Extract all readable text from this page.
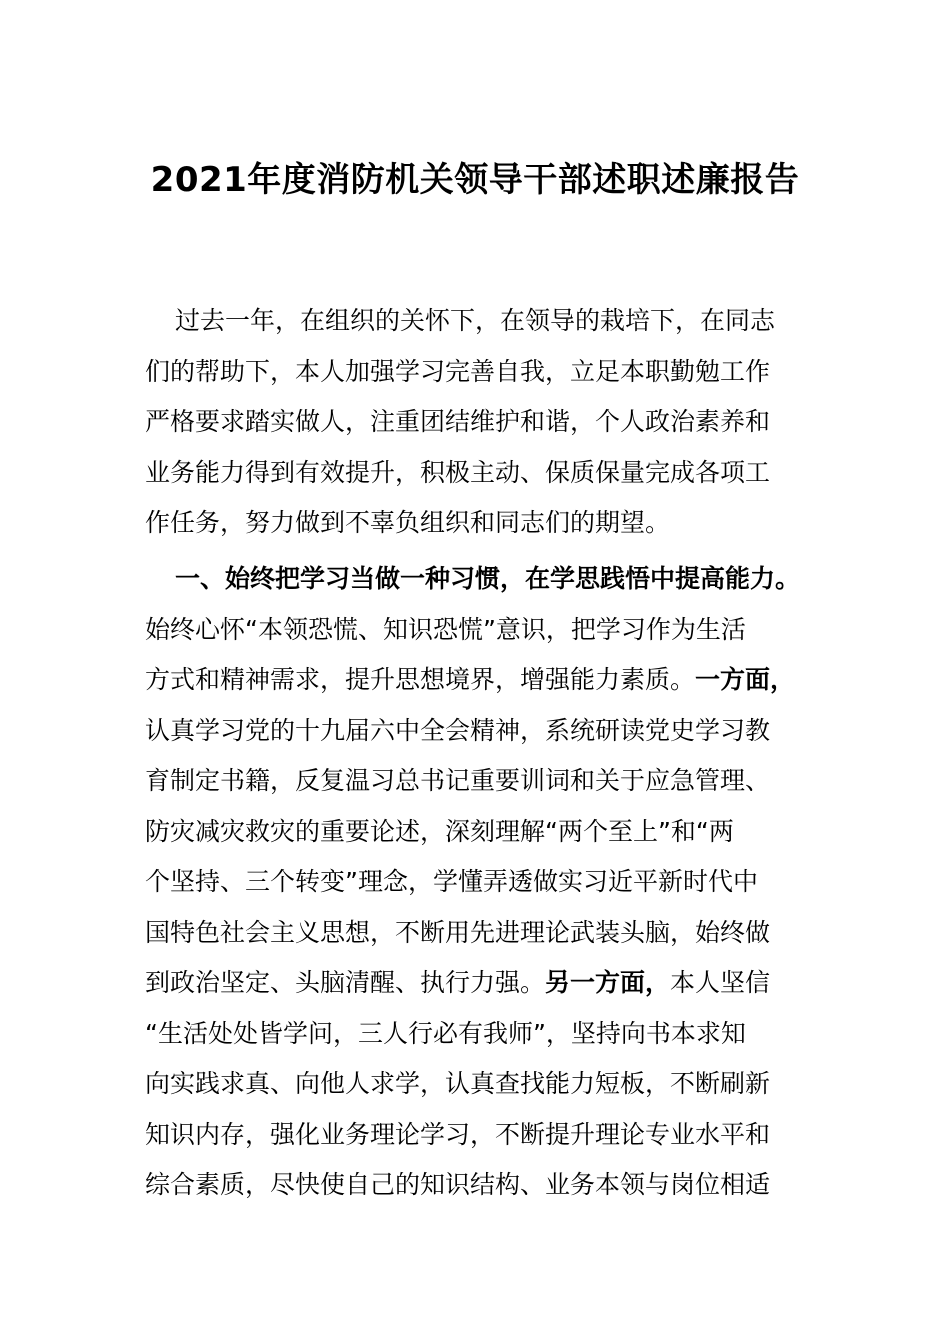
2021年度消防机关领导干部述职述廉报告
过去一年，在组织的关怀下，在领导的栽培下，在同志
们的帮助下，本人加强学习完善自我，立足本职勤勉工作
严格要求踏实做人，注重团结维护和谐，个人政治素养和
业务能力得到有效提升，积极主动、保质保量完成各项工
作任务，努力做到不辜负组织和同志们的期望。
一、始终把学习当做一种习惯，在学思践悟中提高能力。
始终心怀“本领恐慌、知识恐慌”意识，把学习作为生活
方式和精神需求，提升思想境界，增强能力素质。一方面，
认真学习党的十九届六中全会精神，系统研读党史学习教
育制定书籍，反复温习总书记重要训词和关于应急管理、
防灾减灾救灾的重要论述，深刻理解“两个至上”和“两
个坚持、三个转变”理念，学懂弄透做实习近平新时代中
国特色社会主义思想，不断用先进理论武装头脑，始终做
到政治坚定、头脑清醒、执行力强。另一方面，本人坚信
“生活处处皆学问，三人行必有我师”，坚持向书本求知
向实践求真、向他人求学，认真查找能力短板，不断刷新
知识内存，强化业务理论学习，不断提升理论专业水平和
综合素质，尽快使自己的知识结构、业务本领与岗位相适
